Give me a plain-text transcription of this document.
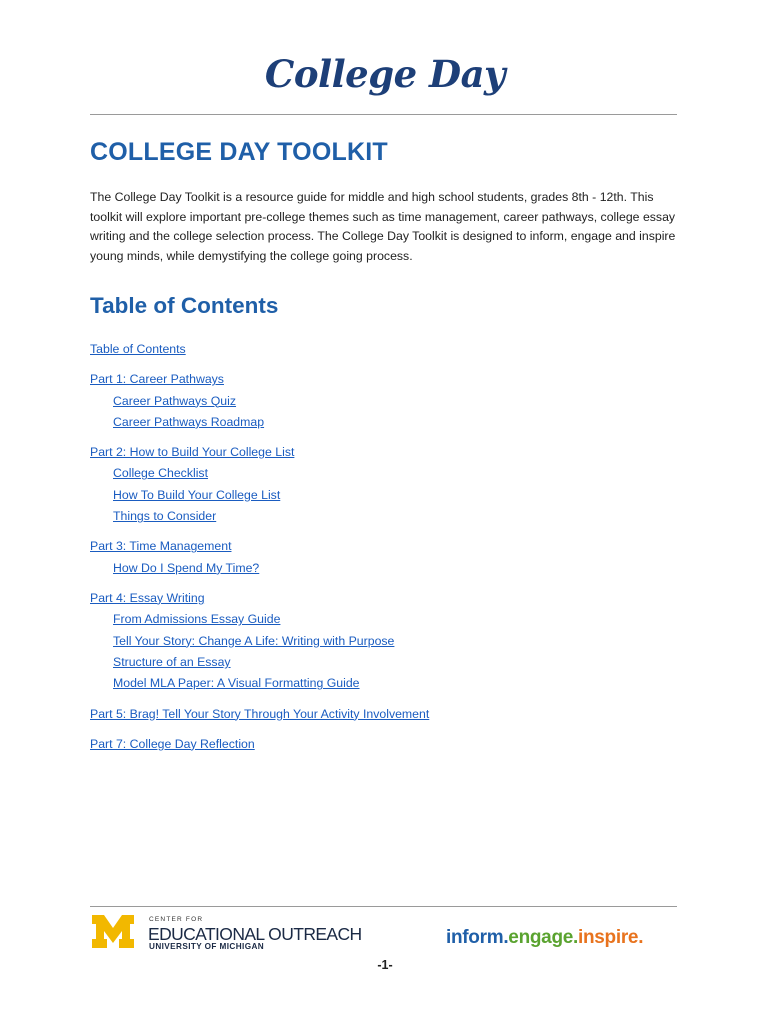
College Day
COLLEGE DAY TOOLKIT

The College Day Toolkit is a resource guide for middle and high school students, grades 8th - 12th. This toolkit will explore important pre-college themes such as time management, career pathways, college essay writing and the college selection process. The College Day Toolkit is designed to inform, engage and inspire young minds, while demystifying the college going process.

Table of Contents
Table of Contents
Part 1: Career Pathways
Career Pathways Quiz
Career Pathways Roadmap
Part 2: How to Build Your College List
College Checklist
How To Build Your College List
Things to Consider
Part 3: Time Management
How Do I Spend My Time?
Part 4: Essay Writing
From Admissions Essay Guide
Tell Your Story: Change A Life: Writing with Purpose
Structure of an Essay
Model MLA Paper: A Visual Formatting Guide
Part 5: Brag! Tell Your Story Through Your Activity Involvement
Part 7: College Day Reflection
CENTER FOR
EDUCATIONAL OUTREACH
UNIVERSITY OF MICHIGAN	inform.engage.inspire.
-1-
